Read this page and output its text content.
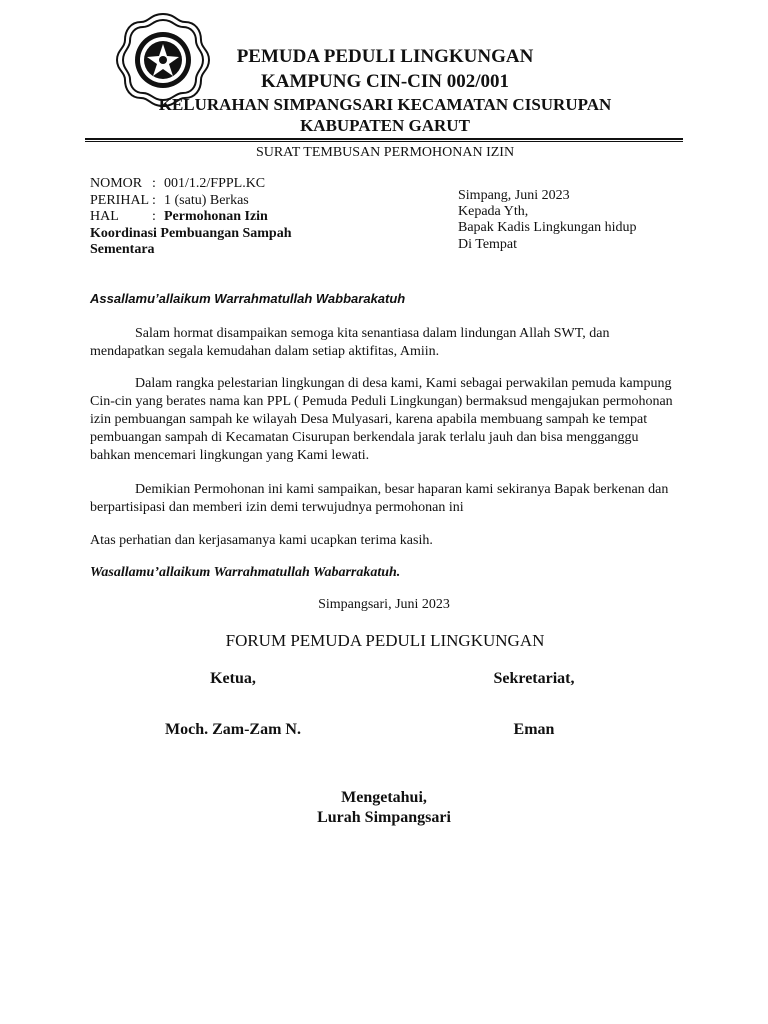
PEMUDA PEDULI LINGKUNGAN
KAMPUNG CIN-CIN 002/001
KELURAHAN SIMPANGSARI KECAMATAN CISURUPAN
KABUPATEN GARUT
SURAT TEMBUSAN PERMOHONAN IZIN
NOMOR : 001/1.2/FPPL.KC
PERIHAL : 1 (satu) Berkas
HAL : Permohonan Izin
Koordinasi Pembuangan Sampah
Sementara
Simpang, Juni 2023
Kepada Yth,
Bapak Kadis Lingkungan hidup
Di Tempat
Assallamu’allaikum Warrahmatullah Wabbarakatuh
Salam hormat disampaikan semoga kita senantiasa dalam lindungan Allah SWT, dan mendapatkan segala kemudahan dalam setiap aktifitas, Amiin.
Dalam rangka pelestarian lingkungan di desa kami, Kami sebagai perwakilan pemuda kampung Cin-cin yang berates nama kan PPL ( Pemuda Peduli Lingkungan) bermaksud mengajukan permohonan izin pembuangan sampah ke wilayah Desa Mulyasari, karena apabila membuang sampah ke tempat pembuangan sampah di Kecamatan Cisurupan berkendala jarak terlalu jauh dan bisa mengganggu bahkan mencemari lingkungan yang Kami lewati.
Demikian Permohonan ini kami sampaikan, besar haparan kami sekiranya Bapak berkenan dan berpartisipasi dan memberi izin demi terwujudnya permohonan ini
Atas perhatian dan kerjasamanya kami ucapkan terima kasih.
Wasallamu’allaikum Warrahmatullah Wabarrakatuh.
Simpangsari, Juni 2023
FORUM PEMUDA PEDULI LINGKUNGAN
Ketua,	Sekretariat,
Moch. Zam-Zam N.	Eman
Mengetahui,
Lurah Simpangsari
